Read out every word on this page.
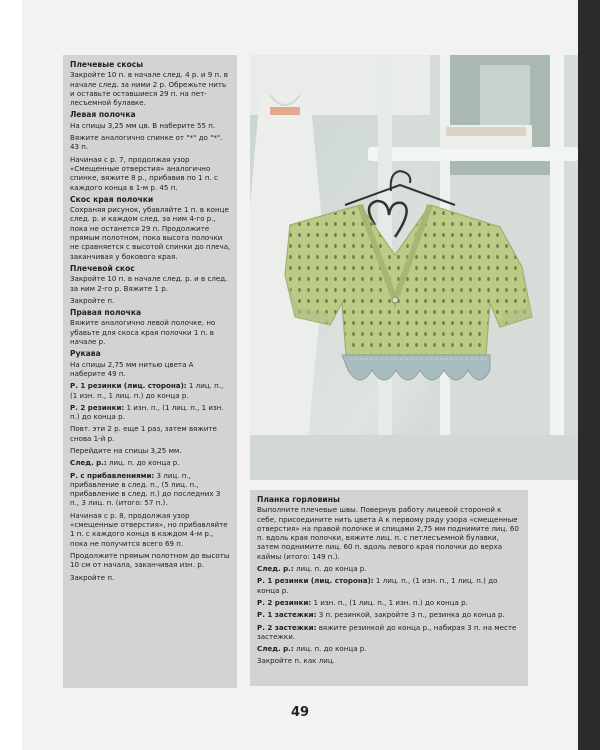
Плечевые скосы
Закройте 10 п. в начале след. 4 р. и 9 п. в начале след. за ними 2 р. Обрежьте нить и оставьте оставшиеся 29 п. на пет-лесъемной булавке.
Левая полочка
На спицы 3,25 мм цв. В наберите 55 п.
Вяжите аналогично спинке от "*" до "*". 43 п.
Начиная с р. 7, продолжая узор «Смещенные отверстия» аналогично спинке, вяжите 8 р., прибавив по 1 п. с каждого конца в 1-м р. 45 п.
Скос края полочки
Сохраняя рисунок, убавляйте 1 п. в конце след. р. и каждом след. за ним 4-го р., пока не останется 29 п. Продолжите прямым полотном, пока высота полочки не сравняется с высотой спинки до плеча, заканчивая у бокового края.
Плечевой скос
Закройте 10 п. в начале след. р. и в след. за ним 2-го р. Вяжите 1 р.
Закройте п.
Правая полочка
Вяжите аналогично левой полочке, но убавьте для скоса края полочки 1 п. в начале р.
Рукава
На спицы 2,75 мм нитью цвета А наберите 49 п.
Р. 1 резинки (лиц. сторона): 1 лиц. п., (1 изн. п., 1 лиц. п.) до конца р.
Р. 2 резинки: 1 изн. п., (1 лиц. п., 1 изн. п.) до конца р.
Повт. эти 2 р. еще 1 раз, затем вяжите снова 1-й р.
Перейдите на спицы 3,25 мм.
След. р.: лиц. п. до конца р.
Р. с прибавлениями: 3 лиц. п., прибавление в след. п., (5 лиц. п., прибавление в след. п.) до последних 3 п., 3 лиц. п. (итого: 57 п.).
Начиная с р. 8, продолжая узор «смещенные отверстия», но прибавляйте 1 п. с каждого конца в каждом 4-м р., пока не получится всего 69 п.
Продолжите прямым полотном до высоты 10 см от начала, заканчивая изн. р.
Закройте п.
Планка горловины
Выполните плечевые швы. Повернув работу лицевой стороной к себе, присоедините нить цвета А к первому ряду узора «смещенные отверстия» на правой полочке и спицами 2,75 мм поднимите лиц. 60 п. вдоль края полочки, вяжите лиц. п. с петлесъемной булавки, затем поднимите лиц. 60 п. вдоль левого края полочки до верха каймы (итого: 149 п.).
След. р.: лиц. п. до конца р.
Р. 1 резинки (лиц. сторона): 1 лиц. п., (1 изн. п., 1 лиц. п.) до конца р.
Р. 2 резинки: 1 изн. п., (1 лиц. п., 1 изн. п.) до конца р.
Р. 1 застежки: 3 п. резинкой, закройте 3 п., резинка до конца р.
Р. 2 застежки: вяжите резинкой до конца р., набирая 3 п. на месте застежки.
След. р.: лиц. п. до конца р.
Закройте п. как лиц.
49
